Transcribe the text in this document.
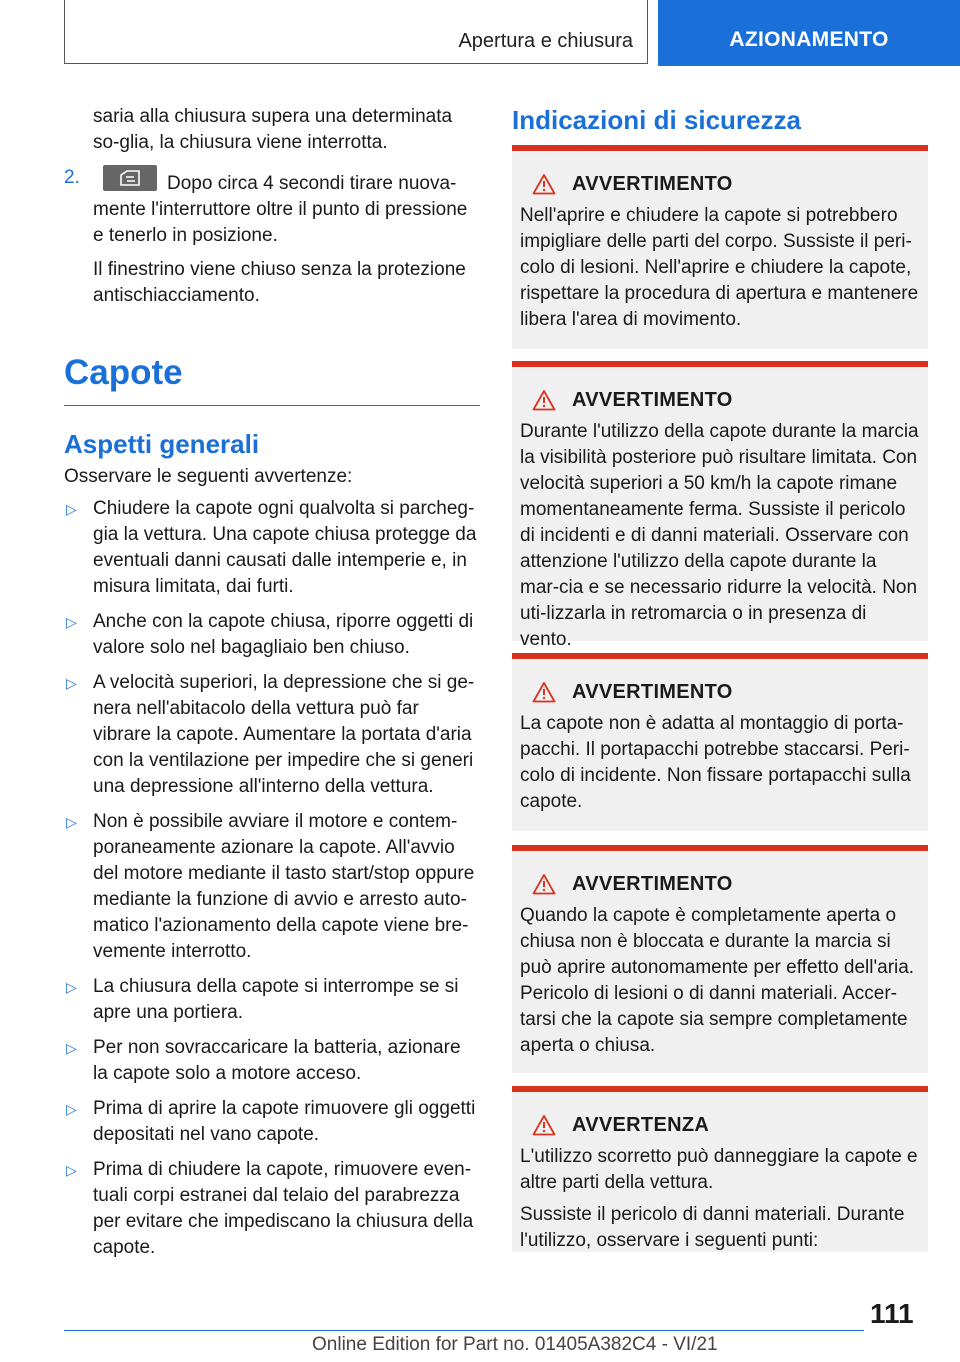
Apertura e chiusura	AZIONAMENTO

saria alla chiusura supera una determinata so-glia, la chiusura viene interrotta.

2.	Dopo circa 4 secondi tirare nuova-mente l'interruttore oltre il punto di pressione e tenerlo in posizione.

Il finestrino viene chiuso senza la protezione antischiacciamento.

Capote
Aspetti generali

Osservare le seguenti avvertenze:

▷ Chiudere la capote ogni qualvolta si parcheg-gia la vettura. Una capote chiusa protegge da eventuali danni causati dalle intemperie e, in misura limitata, dai furti.
▷ Anche con la capote chiusa, riporre oggetti di valore solo nel bagagliaio ben chiuso.
▷ A velocità superiori, la depressione che si ge-nera nell'abitacolo della vettura può far vibrare la capote. Aumentare la portata d'aria con la ventilazione per impedire che si generi una depressione all'interno della vettura.
▷ Non è possibile avviare il motore e contem-poraneamente azionare la capote. All'avvio del motore mediante il tasto start/stop oppure mediante la funzione di avvio e arresto auto-matico l'azionamento della capote viene bre-vemente interrotto.
▷ La chiusura della capote si interrompe se si apre una portiera.
▷ Per non sovraccaricare la batteria, azionare la capote solo a motore acceso.
▷ Prima di aprire la capote rimuovere gli oggetti depositati nel vano capote.
▷ Prima di chiudere la capote, rimuovere even-tuali corpi estranei dal telaio del parabrezza per evitare che impediscano la chiusura della capote.

Indicazioni di sicurezza

AVVERTIMENTO

Nell'aprire e chiudere la capote si potrebbero impigliare delle parti del corpo. Sussiste il peri-colo di lesioni. Nell'aprire e chiudere la capote, rispettare la procedura di apertura e mantenere libera l'area di movimento.

AVVERTIMENTO

Durante l'utilizzo della capote durante la marcia la visibilità posteriore può risultare limitata. Con velocità superiori a 50 km/h la capote rimane momentaneamente ferma. Sussiste il pericolo di incidenti e di danni materiali. Osservare con attenzione l'utilizzo della capote durante la mar-cia e se necessario ridurre la velocità. Non uti-lizzarla in retromarcia o in presenza di vento.

AVVERTIMENTO

La capote non è adatta al montaggio di porta-pacchi. Il portapacchi potrebbe staccarsi. Peri-colo di incidente. Non fissare portapacchi sulla capote.

AVVERTIMENTO

Quando la capote è completamente aperta o chiusa non è bloccata e durante la marcia si può aprire autonomamente per effetto dell'aria. Pericolo di lesioni o di danni materiali. Accer-tarsi che la capote sia sempre completamente aperta o chiusa.

AVVERTENZA

L'utilizzo scorretto può danneggiare la capote e altre parti della vettura.

Sussiste il pericolo di danni materiali. Durante l'utilizzo, osservare i seguenti punti:

111
Online Edition for Part no. 01405A382C4 - VI/21
